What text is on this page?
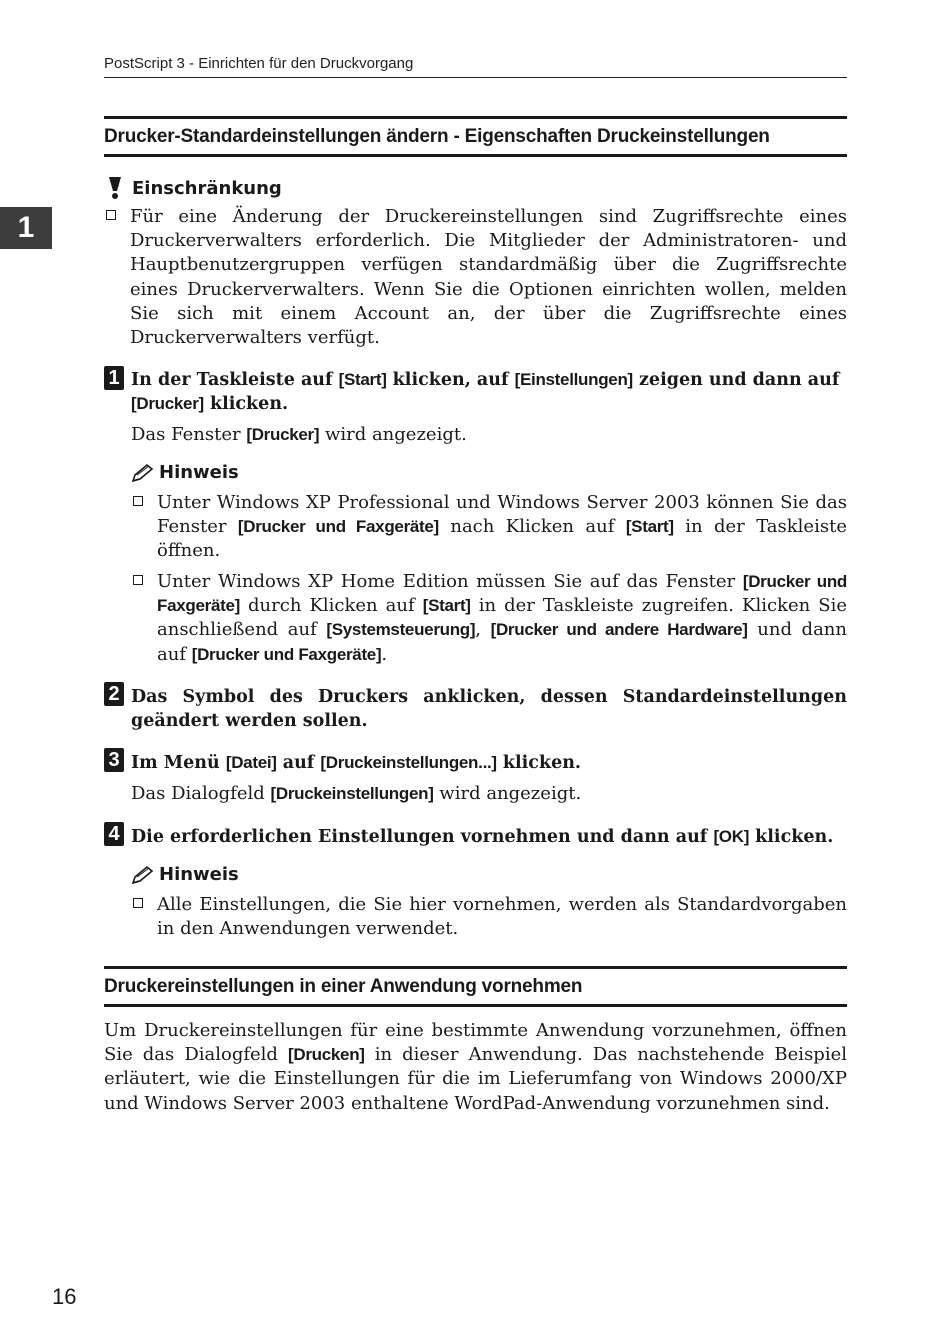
PostScript 3 - Einrichten für den Druckvorgang
1
Drucker-Standardeinstellungen ändern - Eigenschaften Druckeinstellungen
Einschränkung
Für eine Änderung der Druckereinstellungen sind Zugriffsrechte eines Druckerverwalters erforderlich. Die Mitglieder der Administratoren- und Hauptbenutzergruppen verfügen standardmäßig über die Zugriffsrechte eines Druckerverwalters. Wenn Sie die Optionen einrichten wollen, melden Sie sich mit einem Account an, der über die Zugriffsrechte eines Druckerverwalters verfügt.
1 In der Taskleiste auf [Start] klicken, auf [Einstellungen] zeigen und dann auf [Drucker] klicken.
Das Fenster [Drucker] wird angezeigt.
Hinweis
Unter Windows XP Professional und Windows Server 2003 können Sie das Fenster [Drucker und Faxgeräte] nach Klicken auf [Start] in der Taskleiste öffnen.
Unter Windows XP Home Edition müssen Sie auf das Fenster [Drucker und Faxgeräte] durch Klicken auf [Start] in der Taskleiste zugreifen. Klicken Sie anschließend auf [Systemsteuerung], [Drucker und andere Hardware] und dann auf [Drucker und Faxgeräte].
2 Das Symbol des Druckers anklicken, dessen Standardeinstellungen geändert werden sollen.
3 Im Menü [Datei] auf [Druckeinstellungen...] klicken.
Das Dialogfeld [Druckeinstellungen] wird angezeigt.
4 Die erforderlichen Einstellungen vornehmen und dann auf [OK] klicken.
Hinweis
Alle Einstellungen, die Sie hier vornehmen, werden als Standardvorgaben in den Anwendungen verwendet.
Druckereinstellungen in einer Anwendung vornehmen
Um Druckereinstellungen für eine bestimmte Anwendung vorzunehmen, öffnen Sie das Dialogfeld [Drucken] in dieser Anwendung. Das nachstehende Beispiel erläutert, wie die Einstellungen für die im Lieferumfang von Windows 2000/XP und Windows Server 2003 enthaltene WordPad-Anwendung vorzunehmen sind.
16
